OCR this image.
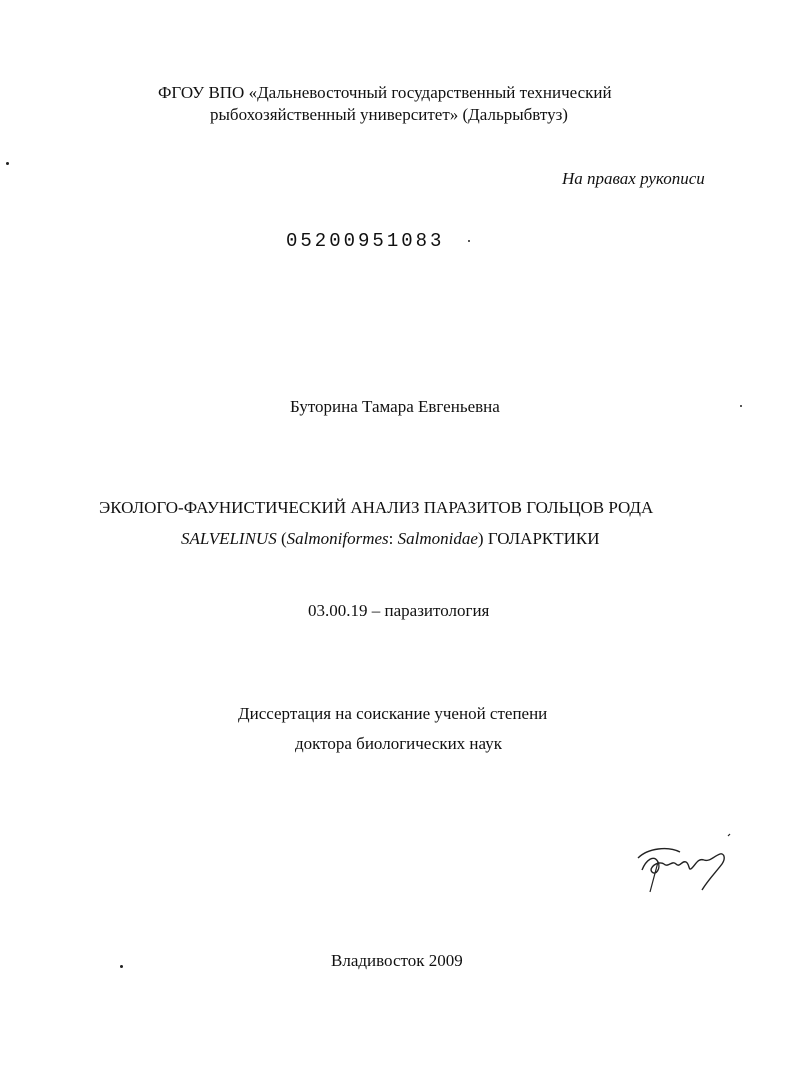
ФГОУ ВПО «Дальневосточный государственный технический
рыбохозяйственный университет» (Дальрыбвтуз)
На правах рукописи
05200951083
Буторина Тамара Евгеньевна
ЭКОЛОГО-ФАУНИСТИЧЕСКИЙ АНАЛИЗ ПАРАЗИТОВ ГОЛЬЦОВ РОДА
SALVELINUS (Salmoniformes: Salmonidae) ГОЛАРКТИКИ
03.00.19 – паразитология
Диссертация на соискание ученой степени
доктора биологических наук
Владивосток 2009
